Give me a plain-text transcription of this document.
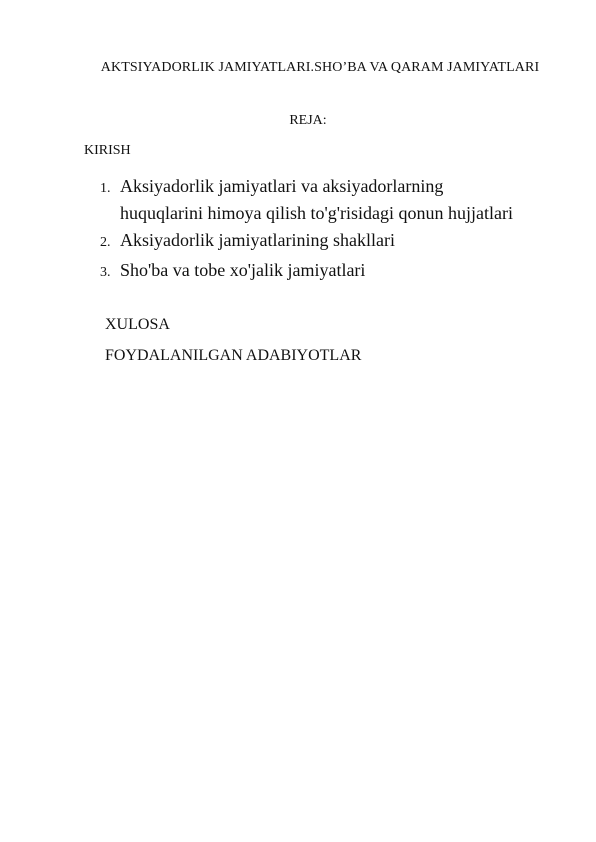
AKTSIYADORLIK JAMIYATLARI.SHO’BA VA QARAM JAMIYATLARI
REJA:
KIRISH
1. Aksiyadorlik jamiyatlari va aksiyadorlarning huquqlarini himoya qilish to'g'risidagi qonun hujjatlari
2. Aksiyadorlik jamiyatlarining shakllari
3. Sho'ba va tobe xo'jalik jamiyatlari
XULOSA
FOYDALANILGAN ADABIYOTLAR
